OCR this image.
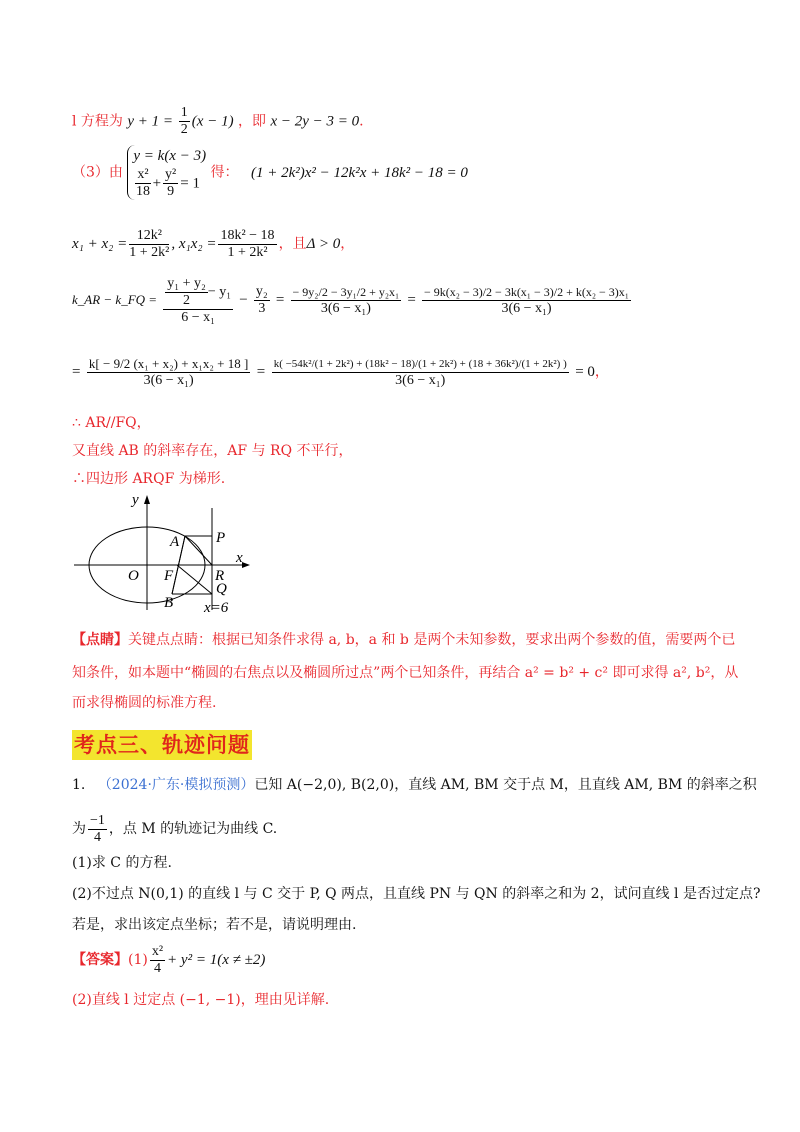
l 方程为 $y + 1 = \frac{1}{2} (x - 1)$ ，即 x − 2y − 3 = 0.
（3）由
y = k(x − 3)
$\frac{\text{x²}}{18} + \frac{\text{y²}}{9} = 1$
得： (1 + 2k²)x² − 12k²x + 18k² − 18 = 0
$x_1 + x_2 = \frac{\text{12k²}}{\text{1 + 2k²}}$ , $x_1x_2 = \frac{\text{18k² − 18}}{\text{1 + 2k²}}$ ，且Δ > 0，
k_AR − k_FQ = $\frac{\frac{\text{y₁ + y₂}}{2} - y_1}{\text{6 − x₁}} - \frac{\text{y₂}}{3} = \frac{\text{− 9y₂/2 − 3y₁/2 + y₂x₁}}{\text{3(6 − x₁)}} = \frac{\text{− 9k(x₂ − 3)/2 − 3k(x₁ − 3)/2 + k(x₂ − 3)x₁}}{\text{3(6 − x₁)}}$
= $\frac{\text{k[ − 9/2 (x₁ + x₂) + x₁x₂ + 18 ]}}{\text{3(6 − x₁)}}$ =
k( −54k²/(1 + 2k²) + (18k² − 18)/(1 + 2k²) + (18 + 36k²)/(1 + 2k²) )
3(6 − x₁)	= 0，
∴ AR//FQ，
又直线 AB 的斜率存在，AF 与 RQ 不平行，
∴四边形 ARQF 为梯形.
y
x
O F
A
B
P
R
Q
x=6
【点睛】关键点点睛：根据已知条件求得 a, b，a 和 b 是两个未知参数，要求出两个参数的值，需要两个已
知条件，如本题中“椭圆的右焦点以及椭圆所过点”两个已知条件，再结合 a² = b² + c² 即可求得 a², b²，从
而求得椭圆的标准方程.
考点三、轨迹问题
1. （2024·广东·模拟预测）已知 A(−2,0), B(2,0)，直线 AM, BM 交于点 M，且直线 AM, BM 的斜率之积
为 $\frac{-1}{4}$ ，点 M 的轨迹记为曲线 C.
(1)求 C 的方程.
(2)不过点 N(0,1) 的直线 l 与 C 交于 P, Q 两点，且直线 PN 与 QN 的斜率之和为 2，试问直线 l 是否过定点?
若是，求出该定点坐标；若不是，请说明理由.
【答案】$(1) \frac{\text{x²}}{4} + y^2 = 1(x \ne \pm 2)$
(2)直线 l 过定点 (−1, −1)，理由见详解.
